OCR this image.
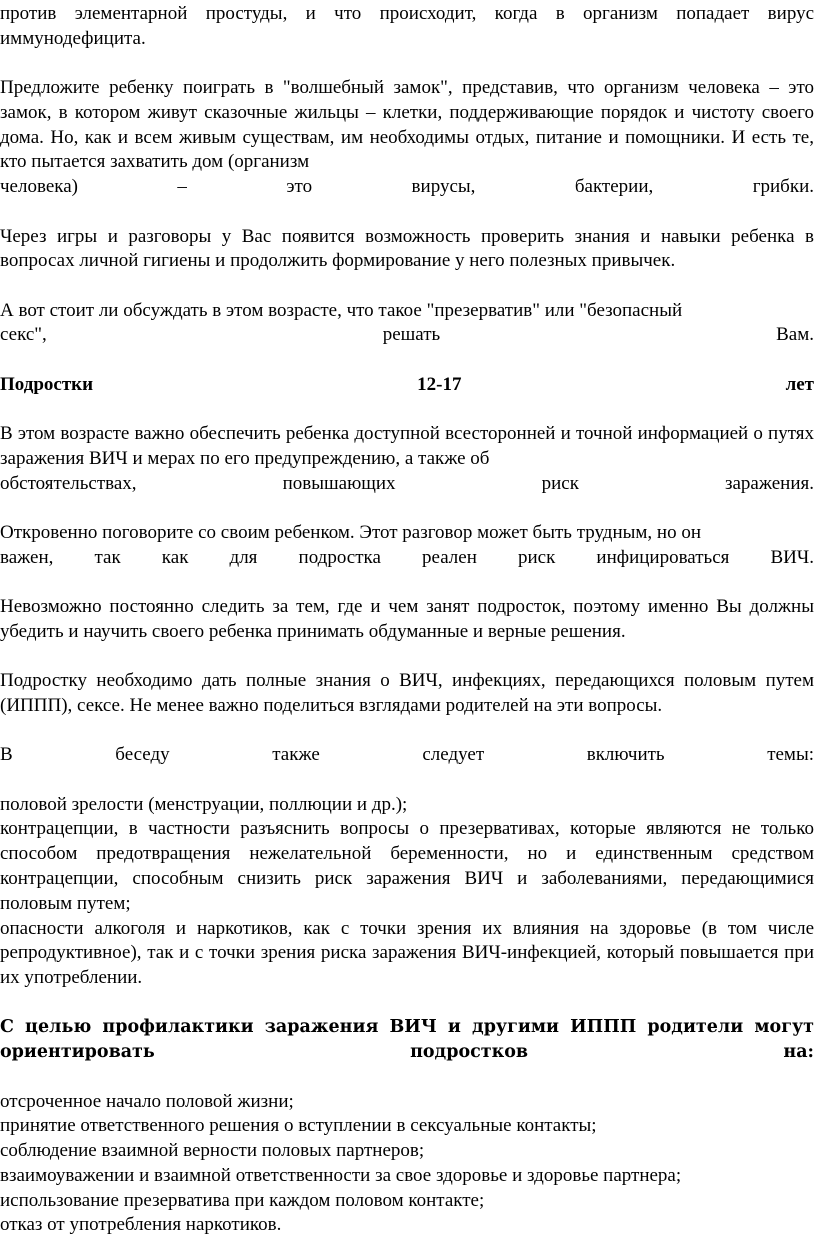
против элементарной простуды, и что происходит, когда в организм попадает вирус иммунодефицита.

Предложите ребенку поиграть в "волшебный замок", представив, что организм человека – это замок, в котором живут сказочные жильцы – клетки, поддерживающие порядок и чистоту своего дома. Но, как и всем живым существам, им необходимы отдых, питание и помощники. И есть те, кто пытается захватить дом (организм

человека) – это вирусы, бактерии, грибки.

Через игры и разговоры у Вас появится возможность проверить знания и навыки ребенка в вопросах личной гигиены и продолжить формирование у него полезных привычек.

А вот стоит ли обсуждать в этом возрасте, что такое "презерватив" или "безопасный

секс", решать Вам.

Подростки 12-17 лет

В этом возрасте важно обеспечить ребенка доступной всесторонней и точной информацией о путях заражения ВИЧ и мерах по его предупреждению, а также об

обстоятельствах, повышающих риск заражения.

Откровенно поговорите со своим ребенком. Этот разговор может быть трудным, но он

важен, так как для подростка реален риск инфицироваться ВИЧ.

Невозможно постоянно следить за тем, где и чем занят подросток, поэтому именно Вы должны убедить и научить своего ребенка принимать обдуманные и верные решения.

Подростку необходимо дать полные знания о ВИЧ, инфекциях, передающихся половым путем (ИППП), сексе. Не менее важно поделиться взглядами родителей на эти вопросы.

В беседу также следует включить темы:

половой зрелости (менструации, поллюции и др.);

контрацепции, в частности разъяснить вопросы о презервативах, которые являются не только способом предотвращения нежелательной беременности, но и единственным средством контрацепции, способным снизить риск заражения ВИЧ и заболеваниями, передающимися половым путем;

опасности алкоголя и наркотиков, как с точки зрения их влияния на здоровье (в том числе репродуктивное), так и с точки зрения риска заражения ВИЧ-инфекцией, который повышается при их употреблении.

С целью профилактики заражения ВИЧ и другими ИППП родители могут ориентировать подростков на:

отсроченное начало половой жизни;

принятие ответственного решения о вступлении в сексуальные контакты;

соблюдение взаимной верности половых партнеров;

взаимоуважении и взаимной ответственности за свое здоровье и здоровье партнера;

использование презерватива при каждом половом контакте;

отказ от употребления наркотиков.
